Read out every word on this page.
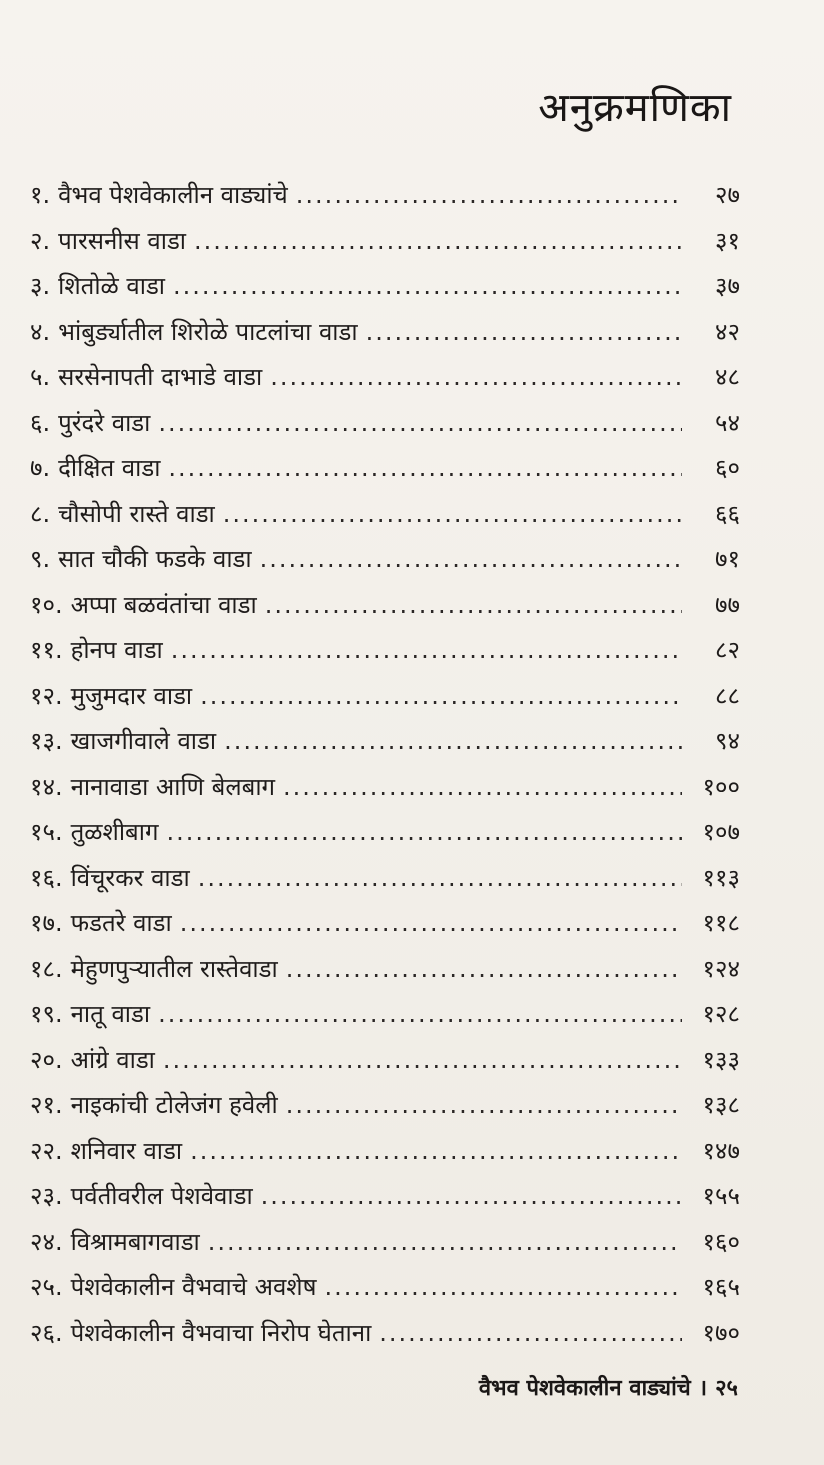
अनुक्रमणिका
१. वैभव पेशवेकालीन वाड्यांचे .....	२७
२. पारसनीस वाडा .....	३१
३. शितोळे वाडा .....	३७
४. भांबुर्ड्यातील शिरोळे पाटलांचा वाडा .....	४२
५. सरसेनापती दाभाडे वाडा .....	४८
६. पुरंदरे वाडा .....	५४
७. दीक्षित वाडा .....	६०
८. चौसोपी रास्ते वाडा .....	६६
९. सात चौकी फडके वाडा .....	७१
१०. अप्पा बळवंतांचा वाडा .....	७७
११. होनप वाडा .....	८२
१२. मुजुमदार वाडा .....	८८
१३. खाजगीवाले वाडा .....	९४
१४. नानावाडा आणि बेलबाग .....	१००
१५. तुळशीबाग .....	१०७
१६. विंचूरकर वाडा .....	११३
१७. फडतरे वाडा .....	११८
१८. मेहुणपुऱ्यातील रास्तेवाडा .....	१२४
१९. नातू वाडा .....	१२८
२०. आंग्रे वाडा .....	१३३
२१. नाइकांची टोलेजंग हवेली .....	१३८
२२. शनिवार वाडा .....	१४७
२३. पर्वतीवरील पेशवेवाडा .....	१५५
२४. विश्रामबागवाडा .....	१६०
२५. पेशवेकालीन वैभवाचे अवशेष .....	१६५
२६. पेशवेकालीन वैभवाचा निरोप घेताना .....	१७०
वैभव पेशवेकालीन वाड्यांचे । २५
